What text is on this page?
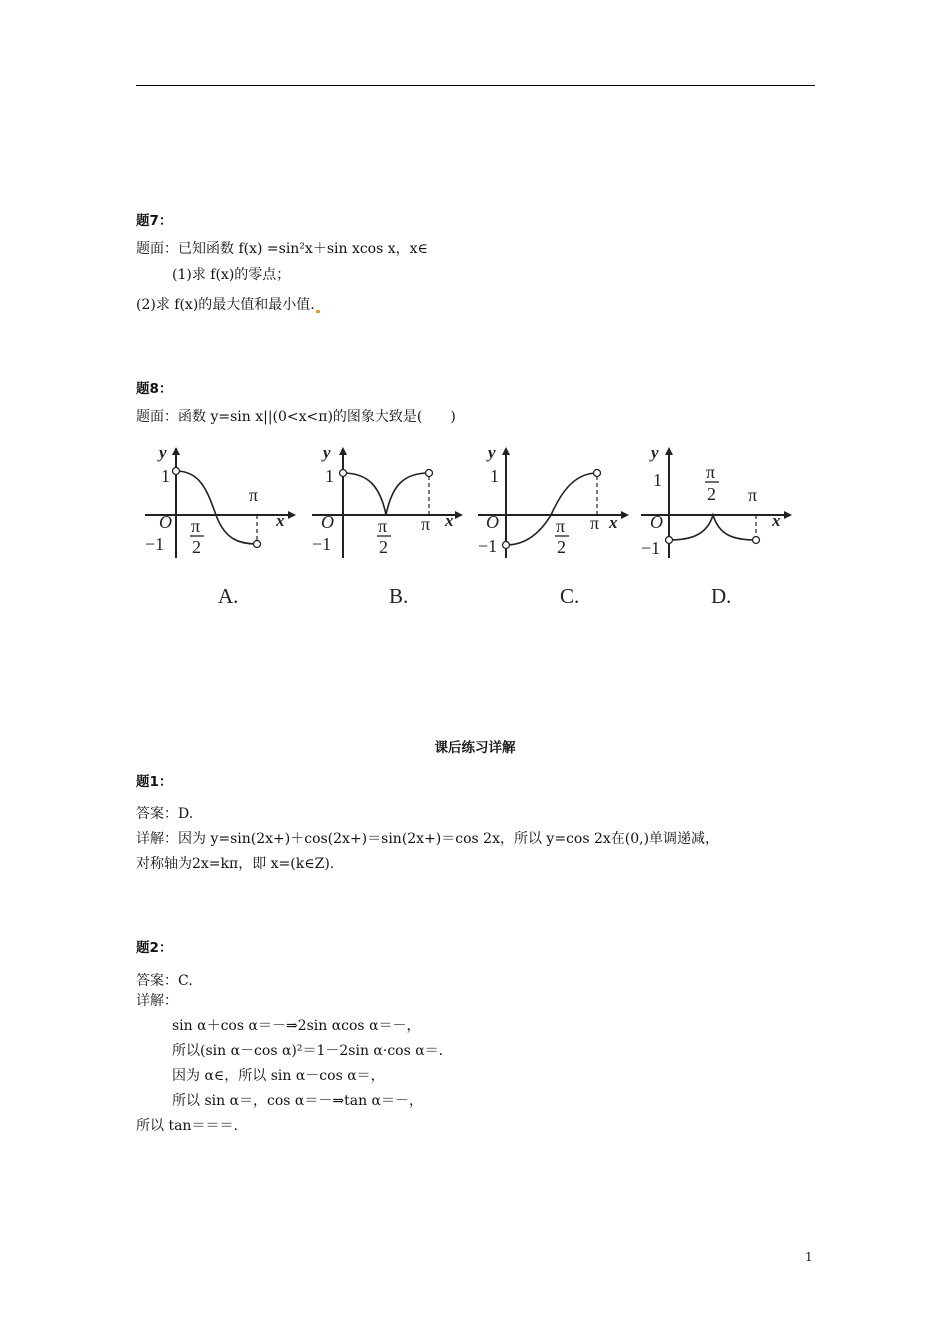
题7：
题面：已知函数 f(x) =sin²x＋sin xcos x，x∈
(1)求 f(x)的零点；
(2)求 f(x)的最大值和最小值.
题8：
题面：函数 y=sin x||(0<x<π)的图象大致是(　　)
y
1
O
−1
π
2
π
x
A.
y
1
O
−1
π
2
π x
B.
y
1
O
−1
π
2
π x
C.
y
1
O
−1
π
2 π
x
D.
课后练习详解
题1：
答案：D.
详解：因为 y=sin(2x+)＋cos(2x+)＝sin(2x+)＝cos 2x，所以 y=cos 2x在(0,)单调递减，
对称轴为2x=kπ，即 x=(k∈Z).
题2：
答案：C.
详解：
sin α＋cos α＝－⇒2sin αcos α＝－，
所以(sin α－cos α)²＝1－2sin α·cos α＝.
因为 α∈，所以 sin α－cos α＝，
所以 sin α＝，cos α＝－⇒tan α＝－，
所以 tan＝＝＝.
1
